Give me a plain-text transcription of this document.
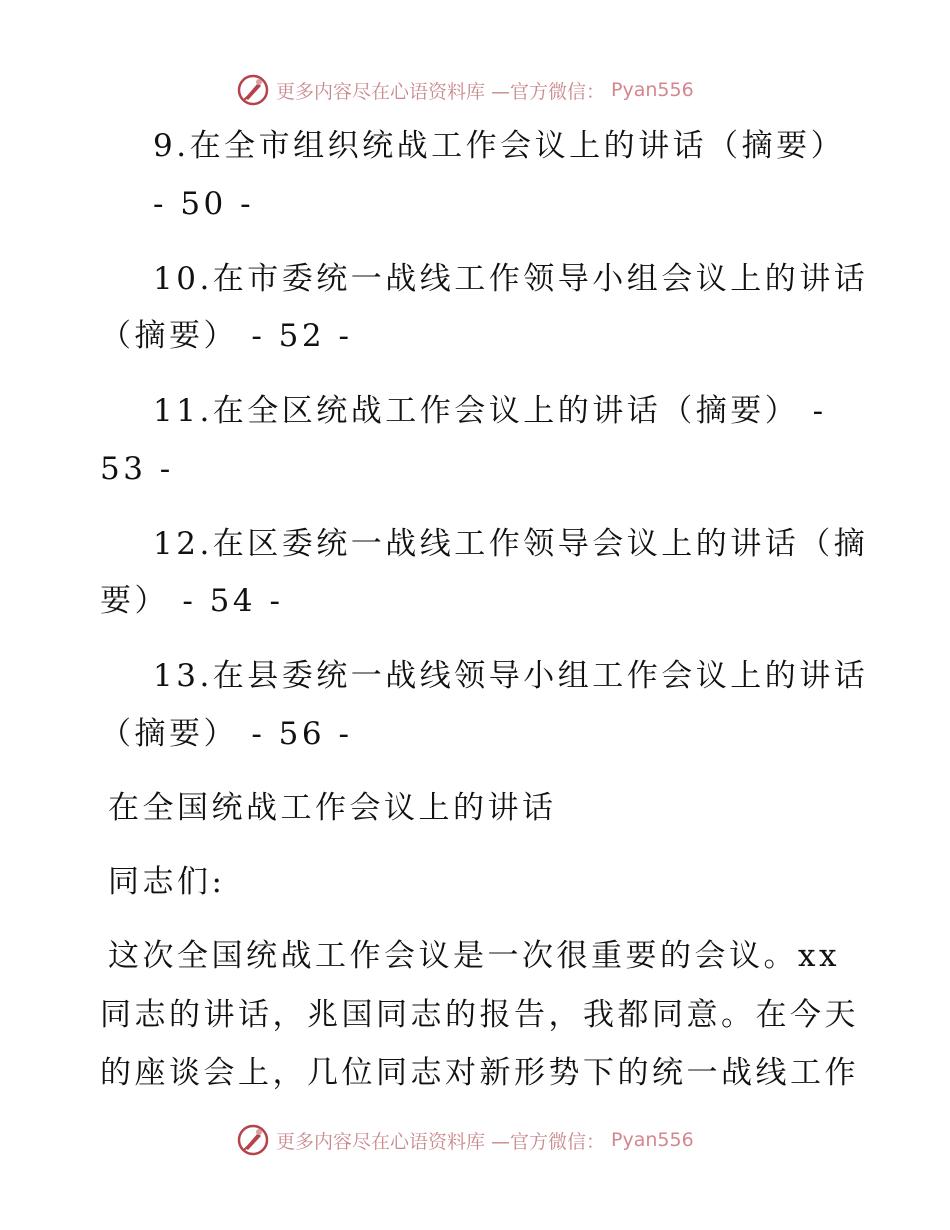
更多内容尽在心语资料库 —官方微信： Pyan556
9.在全市组织统战工作会议上的讲话（摘要）
- 50 -
10.在市委统一战线工作领导小组会议上的讲话
（摘要） - 52 -
11.在全区统战工作会议上的讲话（摘要） -
53 -
12.在区委统一战线工作领导会议上的讲话（摘
要） - 54 -
13.在县委统一战线领导小组工作会议上的讲话
（摘要） - 56 -
在全国统战工作会议上的讲话
同志们:
这次全国统战工作会议是一次很重要的会议。xx
同志的讲话，兆国同志的报告，我都同意。在今天
的座谈会上，几位同志对新形势下的统一战线工作
更多内容尽在心语资料库 —官方微信： Pyan556
